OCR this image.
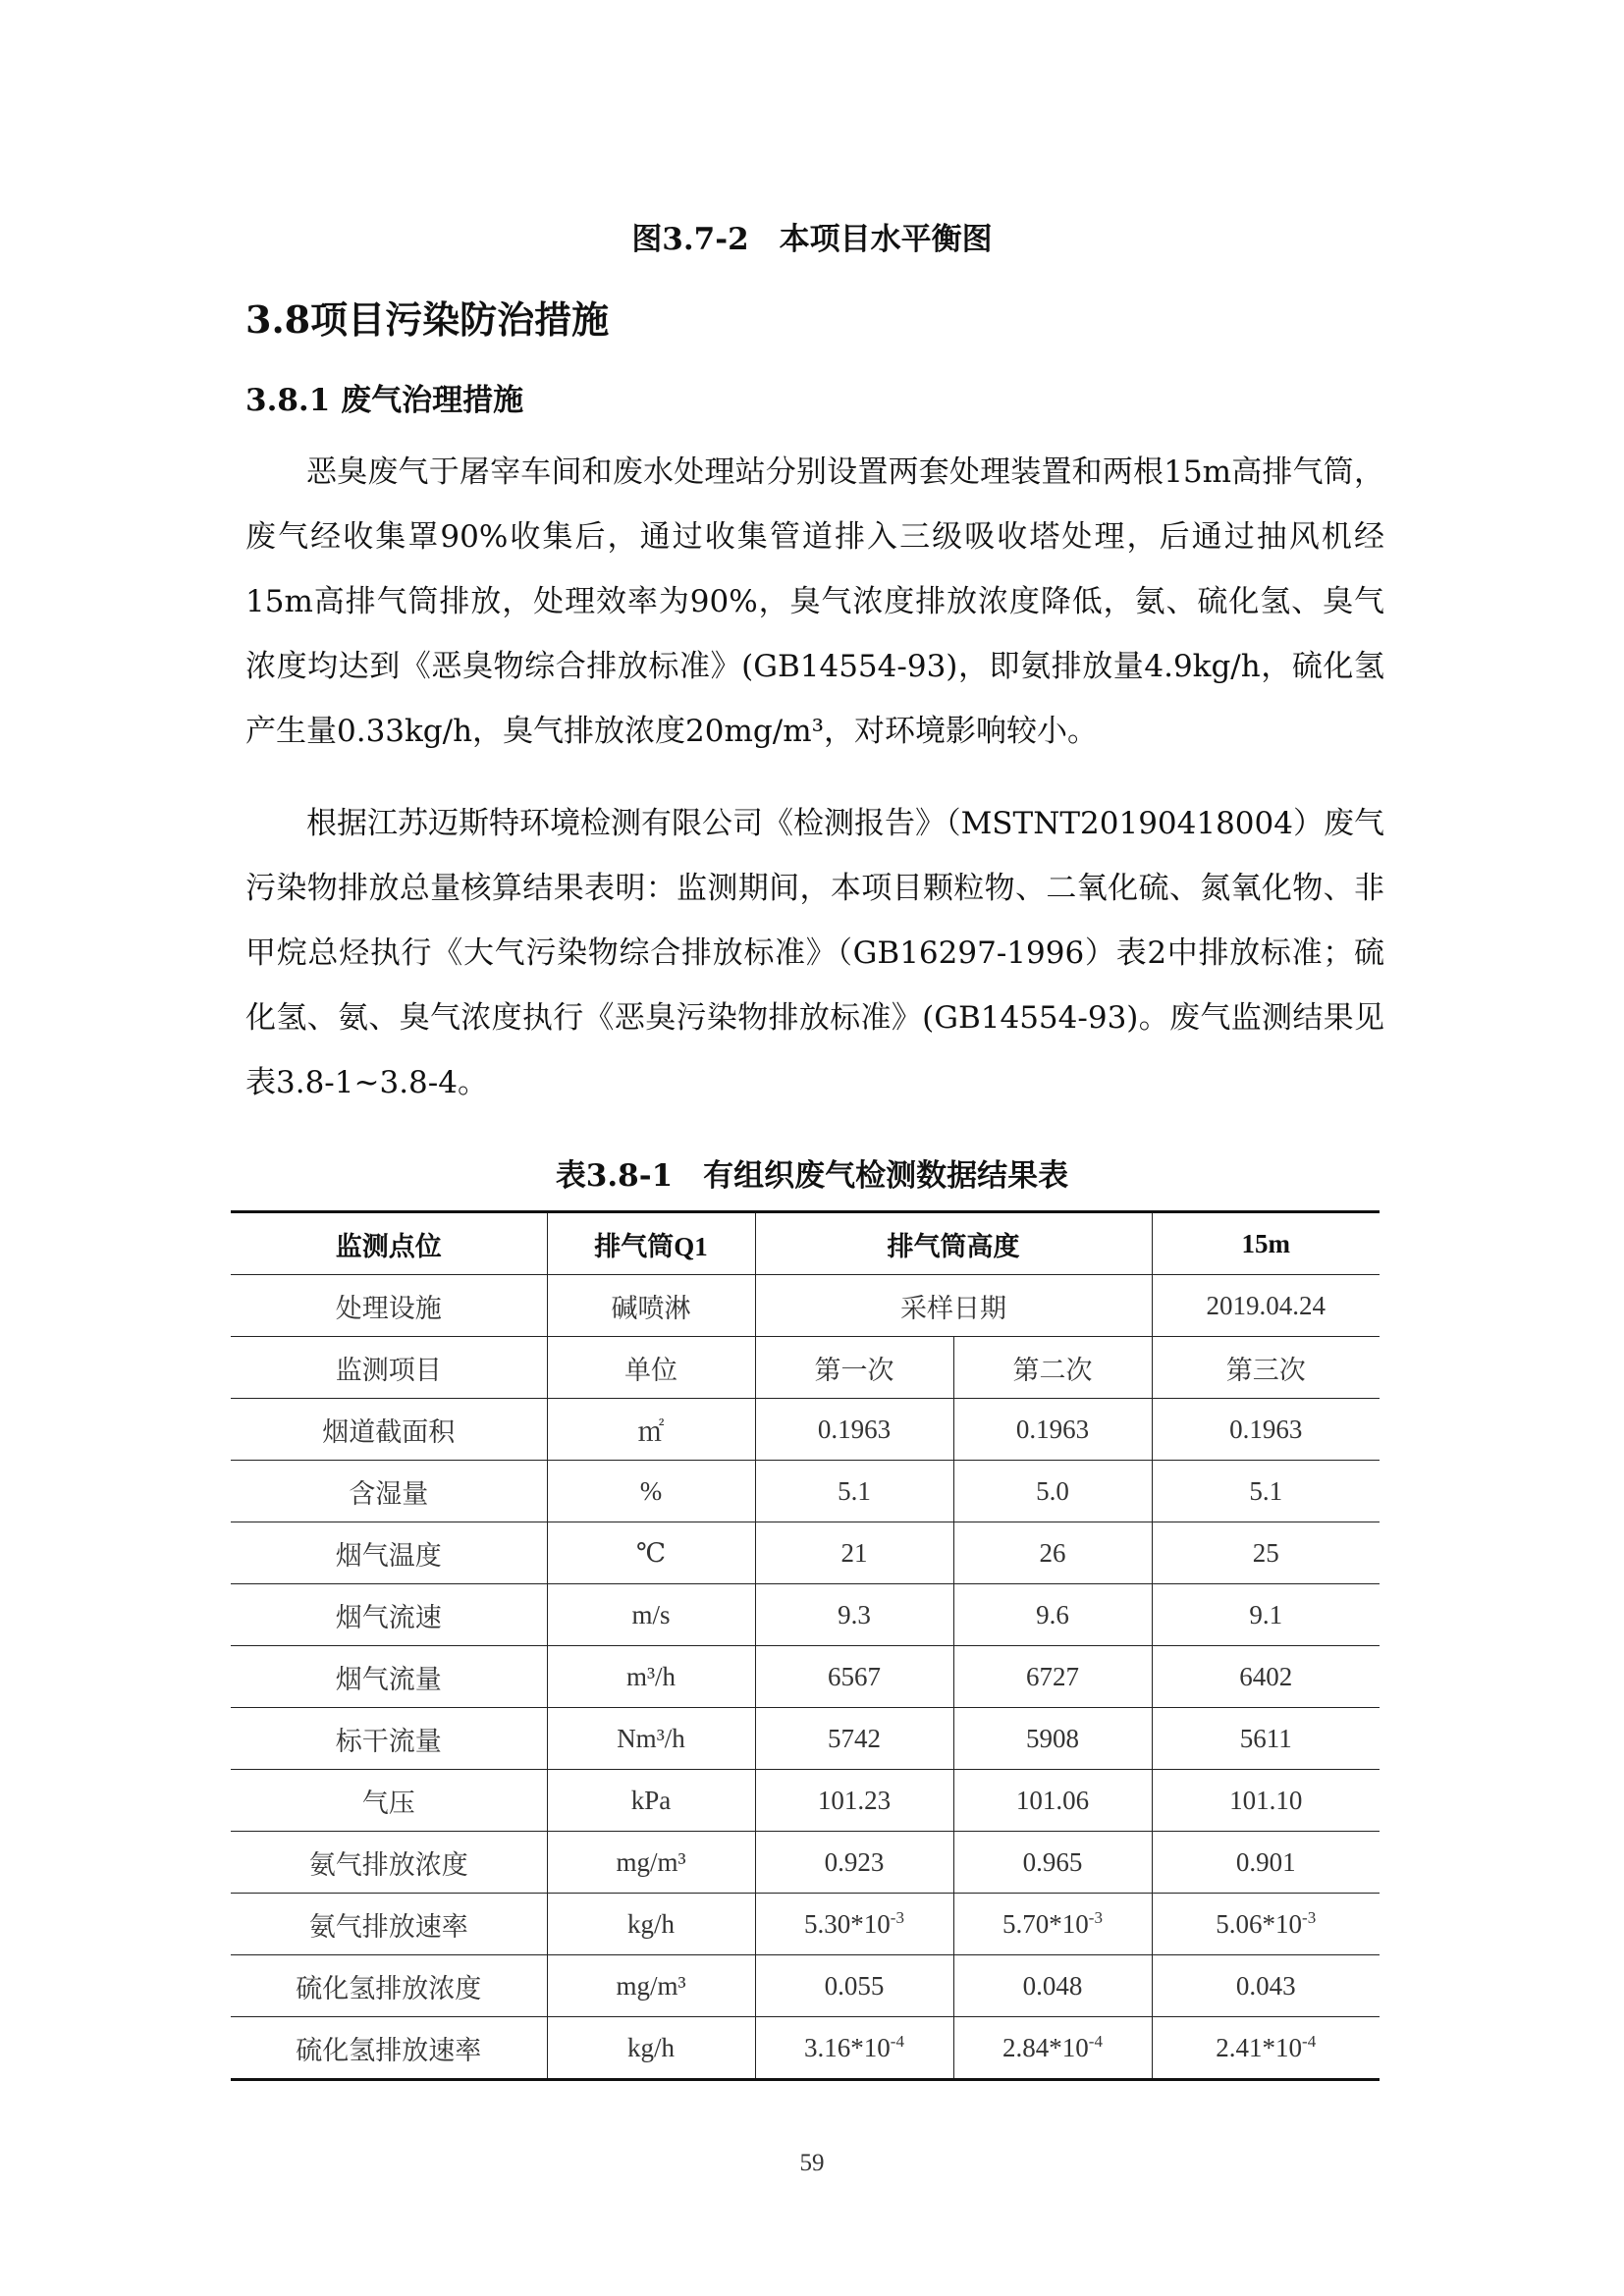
图3.7-2　本项目水平衡图
3.8项目污染防治措施
3.8.1 废气治理措施

恶臭废气于屠宰车间和废水处理站分别设置两套处理装置和两根15m高排气筒，废气经收集罩90%收集后，通过收集管道排入三级吸收塔处理，后通过抽风机经15m高排气筒排放，处理效率为90%，臭气浓度排放浓度降低，氨、硫化氢、臭气浓度均达到《恶臭物综合排放标准》(GB14554-93)，即氨排放量4.9kg/h，硫化氢产生量0.33kg/h，臭气排放浓度20mg/m³，对环境影响较小。

根据江苏迈斯特环境检测有限公司《检测报告》（MSTNT20190418004）废气污染物排放总量核算结果表明：监测期间，本项目颗粒物、二氧化硫、氮氧化物、非甲烷总烃执行《大气污染物综合排放标准》（GB16297-1996）表2中排放标准；硫化氢、氨、臭气浓度执行《恶臭污染物排放标准》(GB14554-93)。废气监测结果见表3.8-1~3.8-4。

表3.8-1　有组织废气检测数据结果表
监测点位	排气筒Q1	排气筒高度		15m
处理设施	碱喷淋	采样日期		2019.04.24
监测项目	单位	第一次	第二次	第三次
烟道截面积	㎡	0.1963	0.1963	0.1963
含湿量	%	5.1	5.0	5.1
烟气温度	℃	21	26	25
烟气流速	m/s	9.3	9.6	9.1
烟气流量	m³/h	6567	6727	6402
标干流量	Nm³/h	5742	5908	5611
气压	kPa	101.23	101.06	101.10
氨气排放浓度	mg/m³	0.923	0.965	0.901
氨气排放速率	kg/h	$5.30*10^{-3}$	$5.70*10^{-3}$	$5.06*10^{-3}$
硫化氢排放浓度	mg/m³	0.055	0.048	0.043
硫化氢排放速率	kg/h	$3.16*10^{-4}$	$2.84*10^{-4}$	$2.41*10^{-4}$
59
